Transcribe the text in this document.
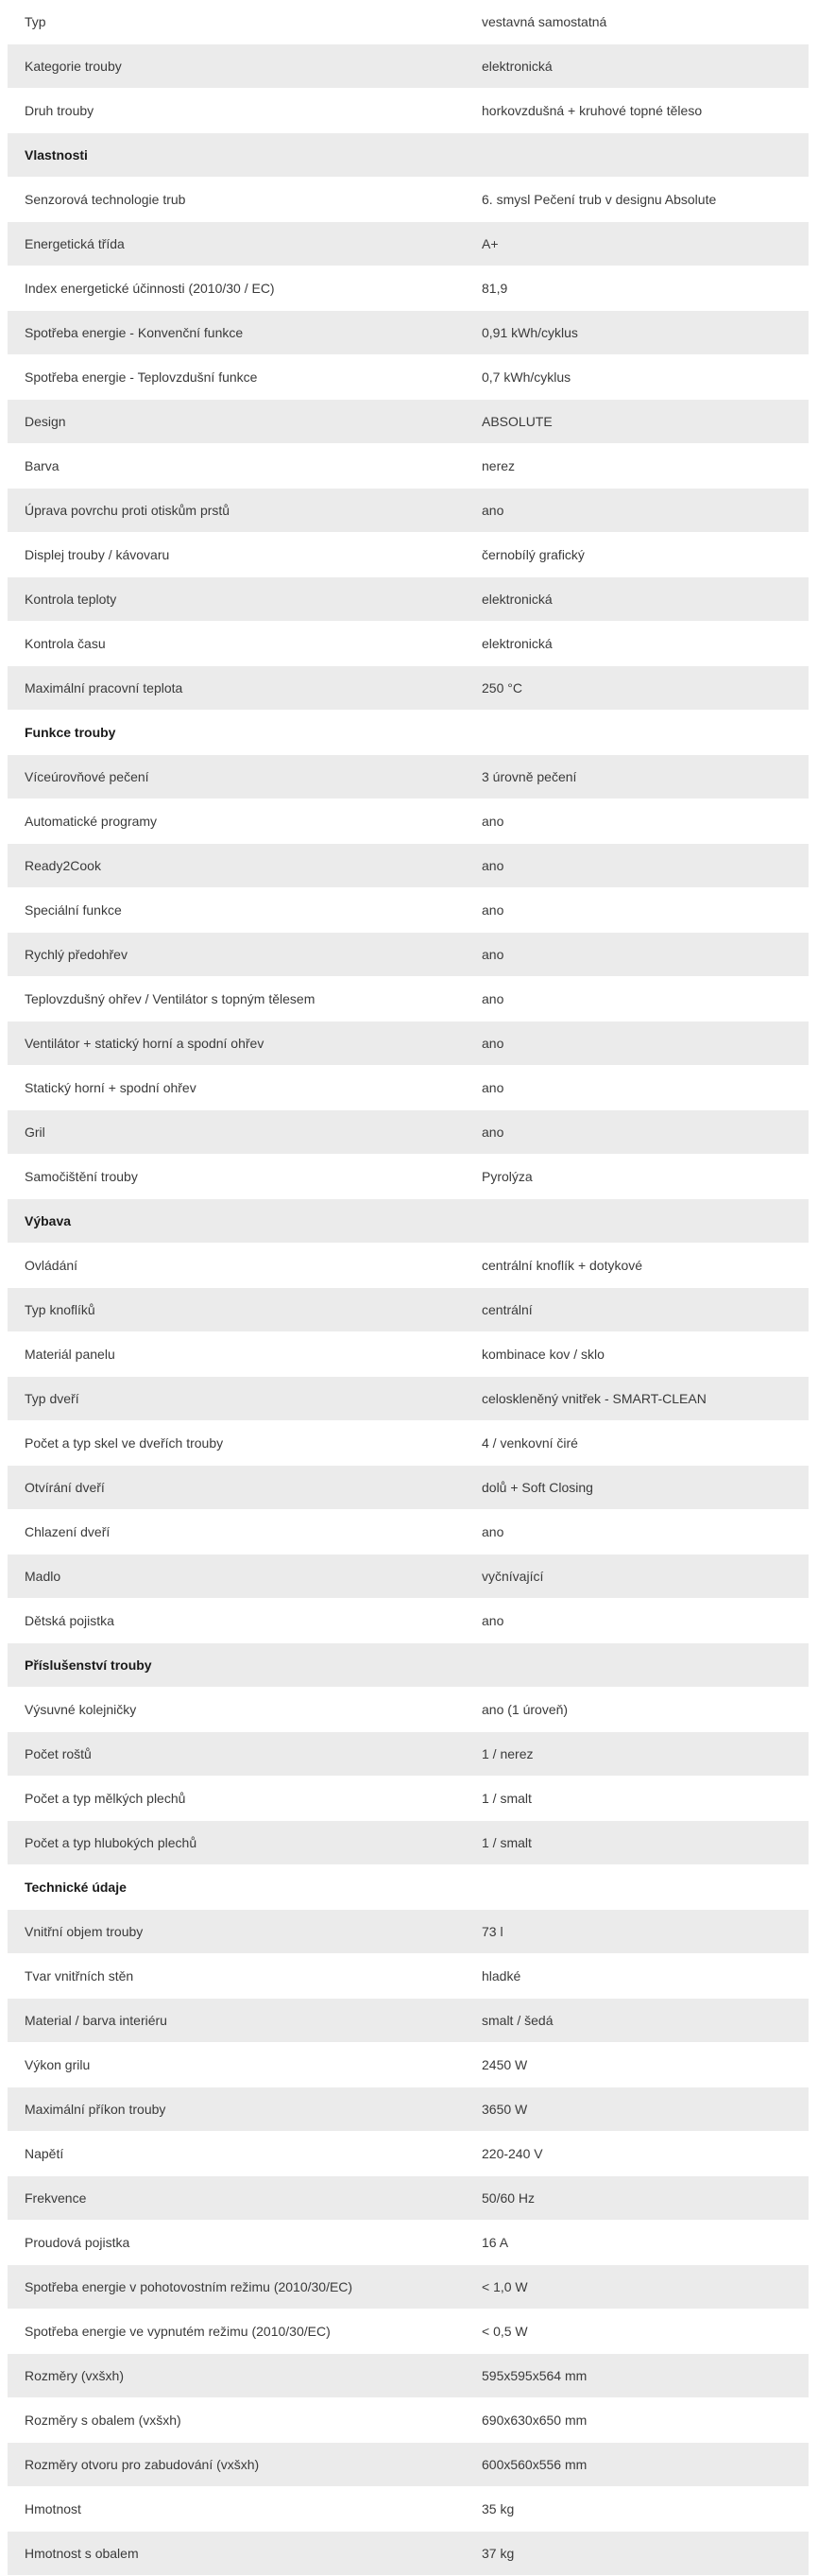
Typ	vestavná samostatná
Kategorie trouby	elektronická
Druh trouby	horkovzdušná + kruhové topné těleso
Vlastnosti	
Senzorová technologie trub	6. smysl Pečení trub v designu Absolute
Energetická třída	A+
Index energetické účinnosti (2010/30 / EC)	81,9
Spotřeba energie - Konvenční funkce	0,91 kWh/cyklus
Spotřeba energie - Teplovzdušní funkce	0,7 kWh/cyklus
Design	ABSOLUTE
Barva	nerez
Úprava povrchu proti otiskům prstů	ano
Displej trouby / kávovaru	černobílý grafický
Kontrola teploty	elektronická
Kontrola času	elektronická
Maximální pracovní teplota	250 °C
Funkce trouby	
Víceúrovňové pečení	3 úrovně pečení
Automatické programy	ano
Ready2Cook	ano
Speciální funkce	ano
Rychlý předohřev	ano
Teplovzdušný ohřev / Ventilátor s topným tělesem	ano
Ventilátor + statický horní a spodní ohřev	ano
Statický horní + spodní ohřev	ano
Gril	ano
Samočištění trouby	Pyrolýza
Výbava	
Ovládání	centrální knoflík + dotykové
Typ knoflíků	centrální
Materiál panelu	kombinace kov / sklo
Typ dveří	celoskleněný vnitřek - SMART-CLEAN
Počet a typ skel ve dveřích trouby	4 / venkovní čiré
Otvírání dveří	dolů + Soft Closing
Chlazení dveří	ano
Madlo	vyčnívající
Dětská pojistka	ano
Příslušenství trouby	
Výsuvné kolejničky	ano (1 úroveň)
Počet roštů	1 / nerez
Počet a typ mělkých plechů	1 / smalt
Počet a typ hlubokých plechů	1 / smalt
Technické údaje	
Vnitřní objem trouby	73 l
Tvar vnitřních stěn	hladké
Material / barva interiéru	smalt / šedá
Výkon grilu	2450 W
Maximální příkon trouby	3650 W
Napětí	220-240 V
Frekvence	50/60 Hz
Proudová pojistka	16 A
Spotřeba energie v pohotovostním režimu (2010/30/EC)	< 1,0 W
Spotřeba energie ve vypnutém režimu (2010/30/EC)	< 0,5 W
Rozměry (vxšxh)	595x595x564 mm
Rozměry s obalem (vxšxh)	690x630x650 mm
Rozměry otvoru pro zabudování (vxšxh)	600x560x556 mm
Hmotnost	35 kg
Hmotnost s obalem	37 kg
